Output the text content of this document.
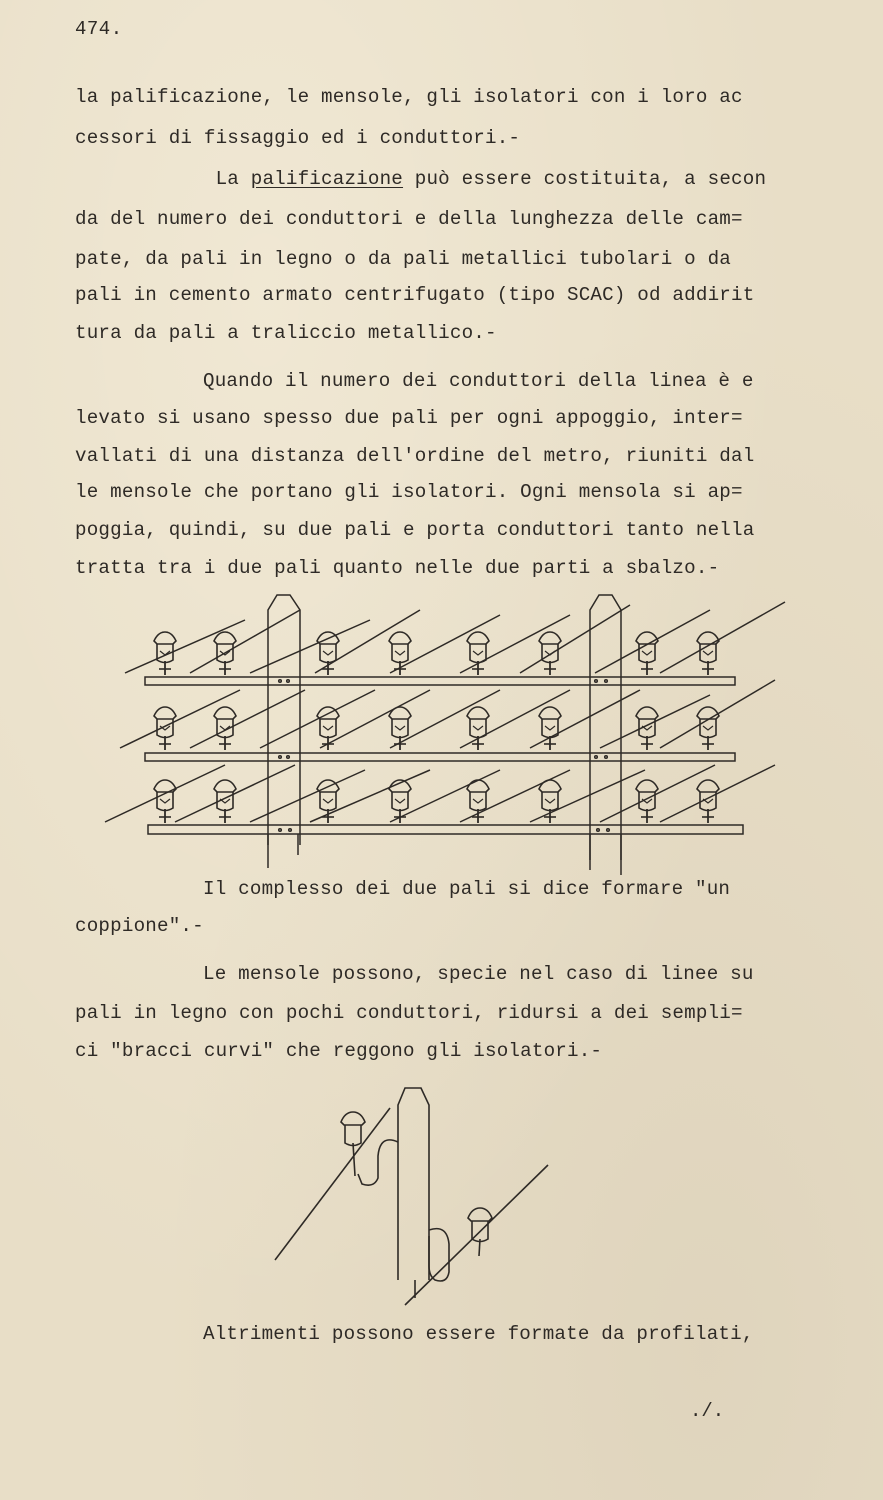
474.
la palificazione, le mensole, gli isolatori con i loro ac
cessori di fissaggio ed i conduttori.-
La palificazione può essere costituita, a secon
da del numero dei conduttori e della lunghezza delle cam=
pate, da pali in legno o da pali metallici tubolari o da
pali in cemento armato centrifugato (tipo SCAC) od addirit
tura da pali a traliccio metallico.-
Quando il numero dei conduttori della linea è e
levato si usano spesso due pali per ogni appoggio, inter=
vallati di una distanza dell'ordine del metro, riuniti dal
le mensole che portano gli isolatori. Ogni mensola si ap=
poggia, quindi, su due pali e porta conduttori tanto nella
tratta tra i due pali quanto nelle due parti a sbalzo.-
Il complesso dei due pali si dice formare "un
coppione".-
Le mensole possono, specie nel caso di linee su
pali in legno con pochi conduttori, ridursi a dei sempli=
ci "bracci curvi" che reggono gli isolatori.-
Altrimenti possono essere formate da profilati,
./.
